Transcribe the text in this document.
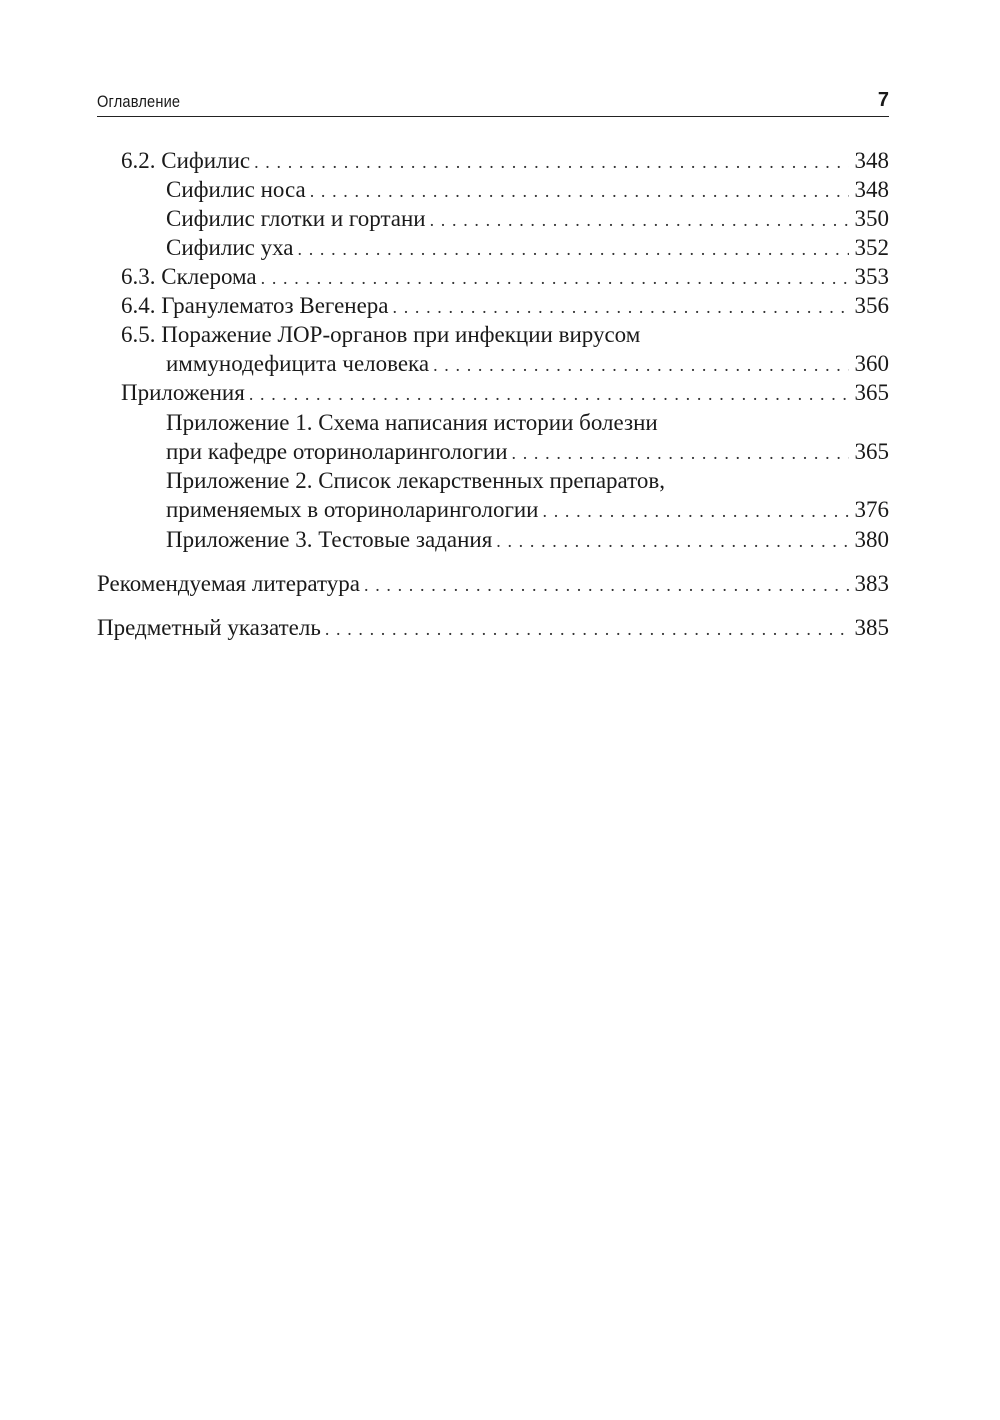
Оглавление	7
6.2. Сифилис . . .	348
Сифилис носа . . .	348
Сифилис глотки и гортани . . .	350
Сифилис уха . . .	352
6.3. Склерома . . .	353
6.4. Гранулематоз Вегенера . . .	356
6.5. Поражение ЛОР-органов при инфекции вирусом
иммунодефицита человека . . .	360
Приложения . . .	365
Приложение 1. Схема написания истории болезни
при кафедре оториноларингологии . . .	365
Приложение 2. Список лекарственных препаратов,
применяемых в оториноларингологии . . .	376
Приложение 3. Тестовые задания . . .	380
Рекомендуемая литература . . .	383
Предметный указатель . . .	385
